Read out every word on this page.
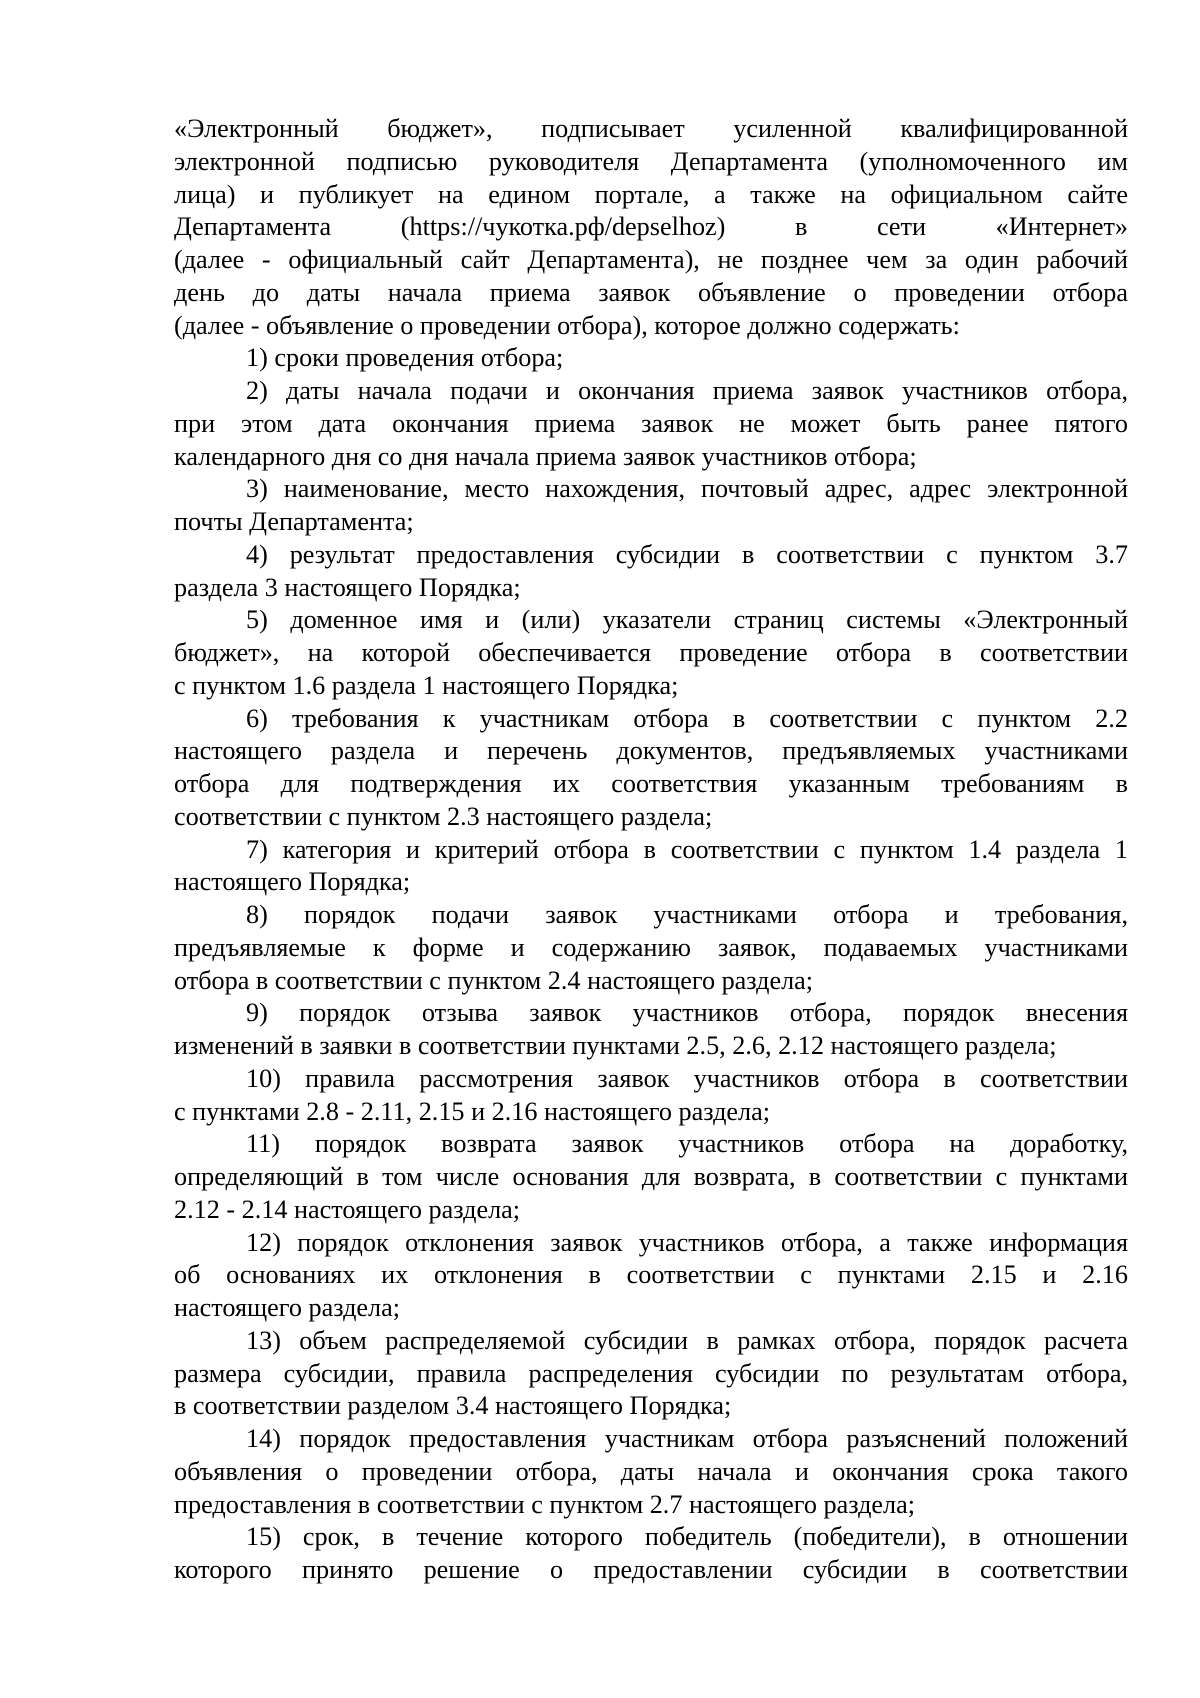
«Электронный бюджет», подписывает усиленной квалифицированной
электронной подписью руководителя Департамента (уполномоченного им
лица) и публикует на едином портале, а также на официальном сайте
Департамента (https://чукотка.рф/depselhoz) в сети «Интернет»
(далее - официальный сайт Департамента), не позднее чем за один рабочий
день до даты начала приема заявок объявление о проведении отбора
(далее - объявление о проведении отбора), которое должно содержать:
1) сроки проведения отбора;
2) даты начала подачи и окончания приема заявок участников отбора,
при этом дата окончания приема заявок не может быть ранее пятого
календарного дня со дня начала приема заявок участников отбора;
3) наименование, место нахождения, почтовый адрес, адрес электронной
почты Департамента;
4) результат предоставления субсидии в соответствии с пунктом 3.7
раздела 3 настоящего Порядка;
5) доменное имя и (или) указатели страниц системы «Электронный
бюджет», на которой обеспечивается проведение отбора в соответствии
с пунктом 1.6 раздела 1 настоящего Порядка;
6) требования к участникам отбора в соответствии с пунктом 2.2
настоящего раздела и перечень документов, предъявляемых участниками
отбора для подтверждения их соответствия указанным требованиям в
соответствии с пунктом 2.3 настоящего раздела;
7) категория и критерий отбора в соответствии с пунктом 1.4 раздела 1
настоящего Порядка;
8) порядок подачи заявок участниками отбора и требования,
предъявляемые к форме и содержанию заявок, подаваемых участниками
отбора в соответствии с пунктом 2.4 настоящего раздела;
9) порядок отзыва заявок участников отбора, порядок внесения
изменений в заявки в соответствии пунктами 2.5, 2.6, 2.12 настоящего раздела;
10) правила рассмотрения заявок участников отбора в соответствии
с пунктами 2.8 - 2.11, 2.15 и 2.16 настоящего раздела;
11) порядок возврата заявок участников отбора на доработку,
определяющий в том числе основания для возврата, в соответствии с пунктами
2.12 - 2.14 настоящего раздела;
12) порядок отклонения заявок участников отбора, а также информация
об основаниях их отклонения в соответствии с пунктами 2.15 и 2.16
настоящего раздела;
13) объем распределяемой субсидии в рамках отбора, порядок расчета
размера субсидии, правила распределения субсидии по результатам отбора,
в соответствии разделом 3.4 настоящего Порядка;
14) порядок предоставления участникам отбора разъяснений положений
объявления о проведении отбора, даты начала и окончания срока такого
предоставления в соответствии с пунктом 2.7 настоящего раздела;
15) срок, в течение которого победитель (победители), в отношении
которого принято решение о предоставлении субсидии в соответствии
